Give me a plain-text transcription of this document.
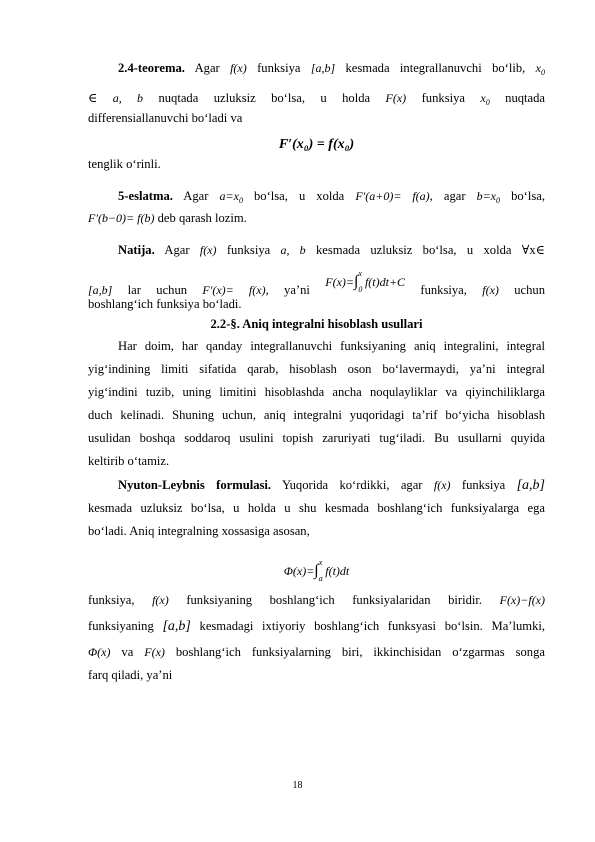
2.4-teorema. Agar f(x) funksiya [a,b] kesmada integrallanuvchi bo‘lib, $x_0$
∈ a, b nuqtada uzluksiz bo‘lsa, u holda F(x) funksiya $x_0$ nuqtada
differensiallanuvchi bo‘ladi va
F′(x₀) = f(x₀)
tenglik o‘rinli.
5-eslatma. Agar $a=x_0$ bo‘lsa, u xolda F′(a+0)= f(a), agar $b=x_0$ bo‘lsa,
F′(b−0)= f(b) deb qarash lozim.
Natija. Agar f(x) funksiya a, b kesmada uzluksiz bo‘lsa, u xolda ∀x∈
[a,b] lar uchun F′(x)= f(x), ya’ni $F(x)=\int_0^x$ f(t)dt+C funksiya, f(x) uchun
boshlang‘ich funksiya bo‘ladi.
2.2-§. Aniq integralni hisoblash usullari
Har doim, har qanday integrallanuvchi funksiyaning aniq integralini, integral
yig‘indining limiti sifatida qarab, hisoblash oson bo‘lavermaydi, ya’ni integral
yig‘indini tuzib, uning limitini hisoblashda ancha noqulayliklar va qiyinchiliklarga
duch kelinadi. Shuning uchun, aniq integralni yuqoridagi ta’rif bo‘yicha hisoblash
usulidan boshqa soddaroq usulini topish zaruriyati tug‘iladi. Bu usullarni quyida
keltirib o‘tamiz.
Nyuton-Leybnis formulasi. Yuqorida ko‘rdikki, agar f(x) funksiya [a,b]
kesmada uzluksiz bo‘lsa, u holda u shu kesmada boshlang‘ich funksiyalarga ega
bo‘ladi. Aniq integralning xossasiga asosan,
$\Phi(x)=\int_a^x$ f(t)dt
funksiya, f(x) funksiyaning boshlang‘ich funksiyalaridan biridir. F(x)−f(x)
funksiyaning [a,b] kesmadagi ixtiyoriy boshlang‘ich funksyasi bo‘lsin. Ma’lumki,
Φ(x) va F(x) boshlang‘ich funksiyalarning biri, ikkinchisidan o‘zgarmas songa
farq qiladi, ya’ni
18
